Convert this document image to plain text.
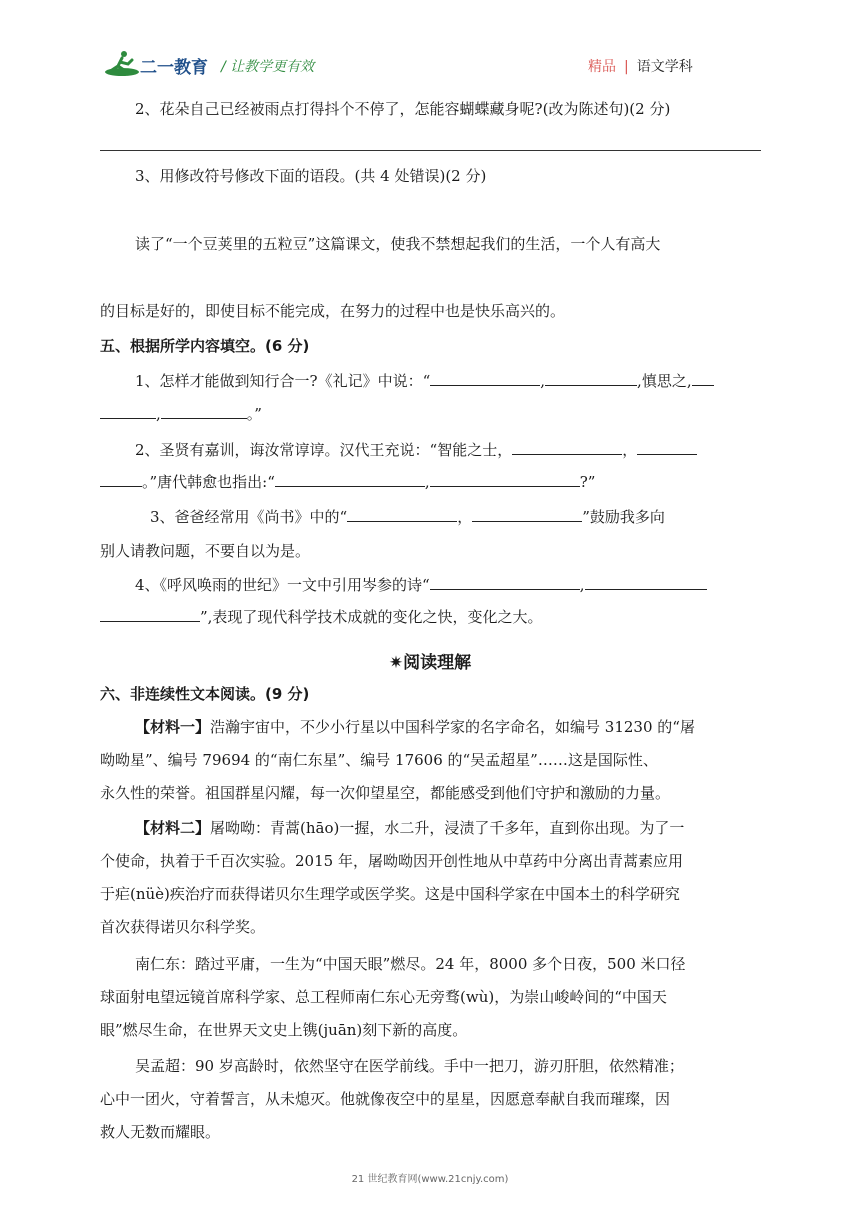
二一教育 / 让教学更有效	精品 | 语文学科
2、花朵自己已经被雨点打得抖个不停了，怎能容蝴蝶藏身呢?(改为陈述句)(2 分)
3、用修改符号修改下面的语段。(共 4 处错误)(2 分)
读了“一个豆荚里的五粒豆”这篇课文，使我不禁想起我们的生活，一个人有高大
的目标是好的，即使目标不能完成，在努力的过程中也是快乐高兴的。
五、根据所学内容填空。(6 分)
1、怎样才能做到知行合一?《礼记》中说：“	,	,慎思之,
,	。”
2、圣贤有嘉训，诲汝常谆谆。汉代王充说：“智能之士，	，
。”唐代韩愈也指出:“	,	?”
3、爸爸经常用《尚书》中的“	，	”鼓励我多向
别人请教问题，不要自以为是。
4、《呼风唤雨的世纪》一文中引用岑参的诗“	,
”,表现了现代科学技术成就的变化之快，变化之大。
✷阅读理解
六、非连续性文本阅读。(9 分)
【材料一】浩瀚宇宙中，不少小行星以中国科学家的名字命名，如编号 31230 的“屠
呦呦星”、编号 79694 的“南仁东星”、编号 17606 的“吴孟超星”……这是国际性、
永久性的荣誉。祖国群星闪耀，每一次仰望星空，都能感受到他们守护和激励的力量。
【材料二】屠呦呦：青蒿(hāo)一握，水二升，浸渍了千多年，直到你出现。为了一
个使命，执着于千百次实验。2015 年，屠呦呦因开创性地从中草药中分离出青蒿素应用
于疟(nüè)疾治疗而获得诺贝尔生理学或医学奖。这是中国科学家在中国本土的科学研究
首次获得诺贝尔科学奖。
南仁东：踏过平庸，一生为“中国天眼”燃尽。24 年，8000 多个日夜，500 米口径
球面射电望远镜首席科学家、总工程师南仁东心无旁骛(wù)，为崇山峻岭间的“中国天
眼”燃尽生命，在世界天文史上镌(juān)刻下新的高度。
吴孟超：90 岁高龄时，依然坚守在医学前线。手中一把刀，游刃肝胆，依然精准；
心中一团火，守着誓言，从未熄灭。他就像夜空中的星星，因愿意奉献自我而璀璨，因
救人无数而耀眼。
21 世纪教育网(www.21cnjy.com)
